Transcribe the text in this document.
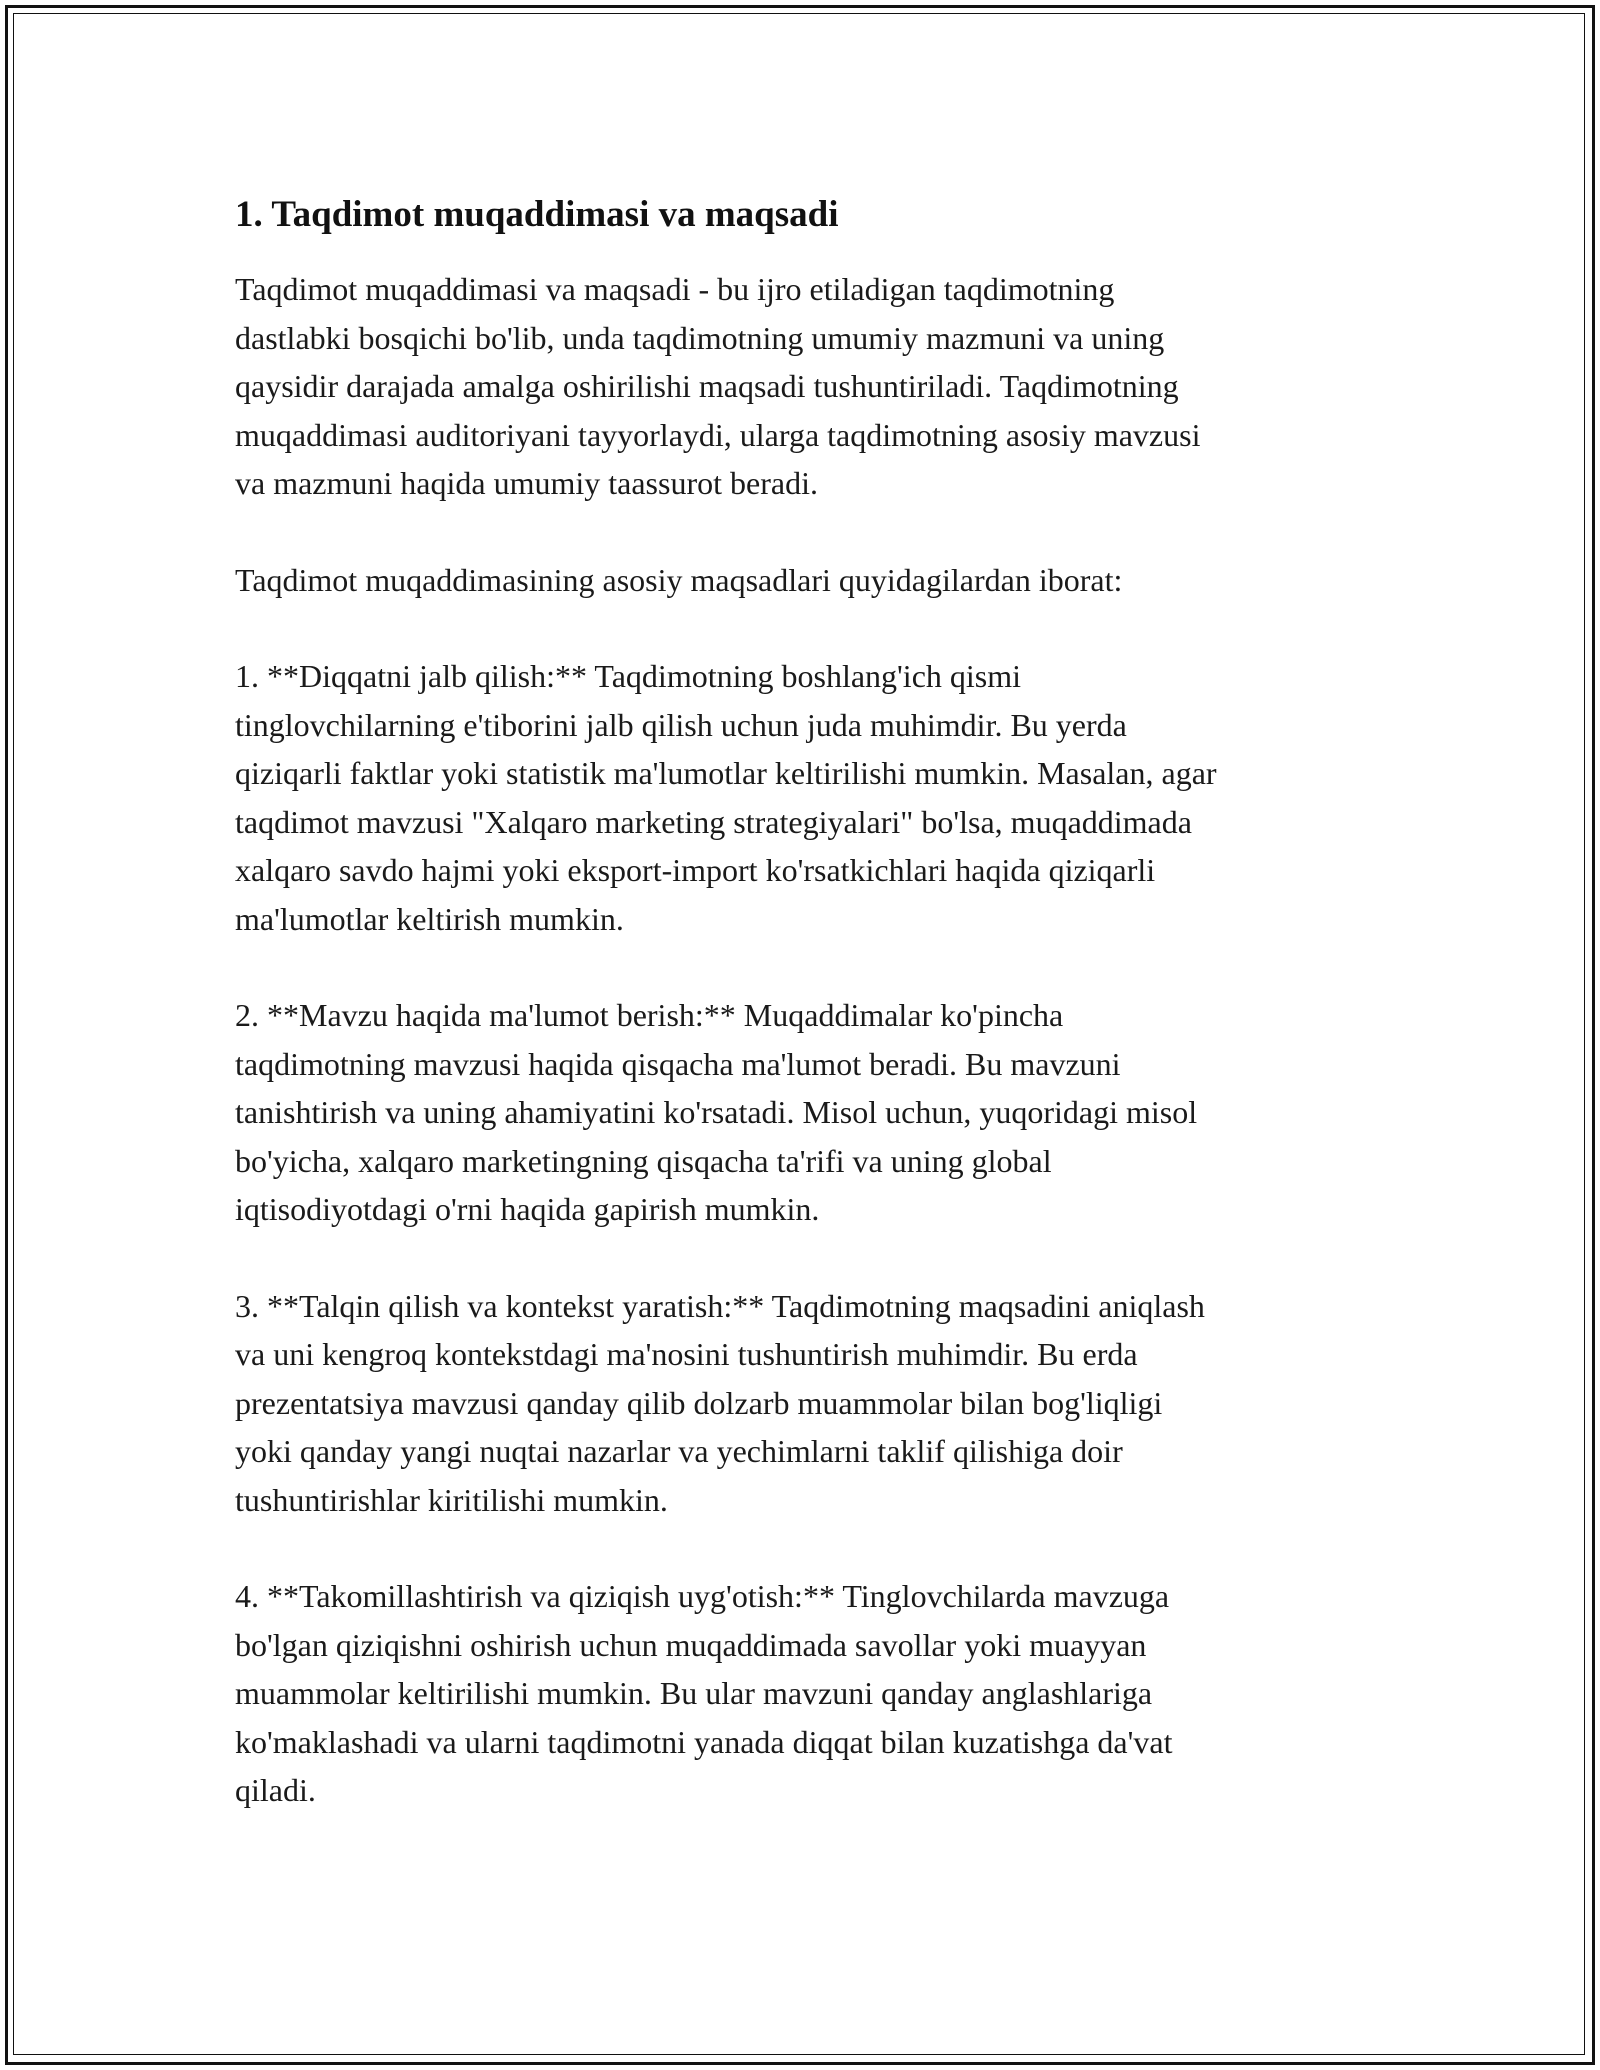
1. Taqdimot muqaddimasi va maqsadi

Taqdimot muqaddimasi va maqsadi - bu ijro etiladigan taqdimotning
dastlabki bosqichi bo'lib, unda taqdimotning umumiy mazmuni va uning
qaysidir darajada amalga oshirilishi maqsadi tushuntiriladi. Taqdimotning
muqaddimasi auditoriyani tayyorlaydi, ularga taqdimotning asosiy mavzusi
va mazmuni haqida umumiy taassurot beradi.

Taqdimot muqaddimasining asosiy maqsadlari quyidagilardan iborat:

1. **Diqqatni jalb qilish:** Taqdimotning boshlang'ich qismi
tinglovchilarning e'tiborini jalb qilish uchun juda muhimdir. Bu yerda
qiziqarli faktlar yoki statistik ma'lumotlar keltirilishi mumkin. Masalan, agar
taqdimot mavzusi "Xalqaro marketing strategiyalari" bo'lsa, muqaddimada
xalqaro savdo hajmi yoki eksport-import ko'rsatkichlari haqida qiziqarli
ma'lumotlar keltirish mumkin.

2. **Mavzu haqida ma'lumot berish:** Muqaddimalar ko'pincha
taqdimotning mavzusi haqida qisqacha ma'lumot beradi. Bu mavzuni
tanishtirish va uning ahamiyatini ko'rsatadi. Misol uchun, yuqoridagi misol
bo'yicha, xalqaro marketingning qisqacha ta'rifi va uning global
iqtisodiyotdagi o'rni haqida gapirish mumkin.

3. **Talqin qilish va kontekst yaratish:** Taqdimotning maqsadini aniqlash
va uni kengroq kontekstdagi ma'nosini tushuntirish muhimdir. Bu erda
prezentatsiya mavzusi qanday qilib dolzarb muammolar bilan bog'liqligi
yoki qanday yangi nuqtai nazarlar va yechimlarni taklif qilishiga doir
tushuntirishlar kiritilishi mumkin.

4. **Takomillashtirish va qiziqish uyg'otish:** Tinglovchilarda mavzuga
bo'lgan qiziqishni oshirish uchun muqaddimada savollar yoki muayyan
muammolar keltirilishi mumkin. Bu ular mavzuni qanday anglashlariga
ko'maklashadi va ularni taqdimotni yanada diqqat bilan kuzatishga da'vat
qiladi.
